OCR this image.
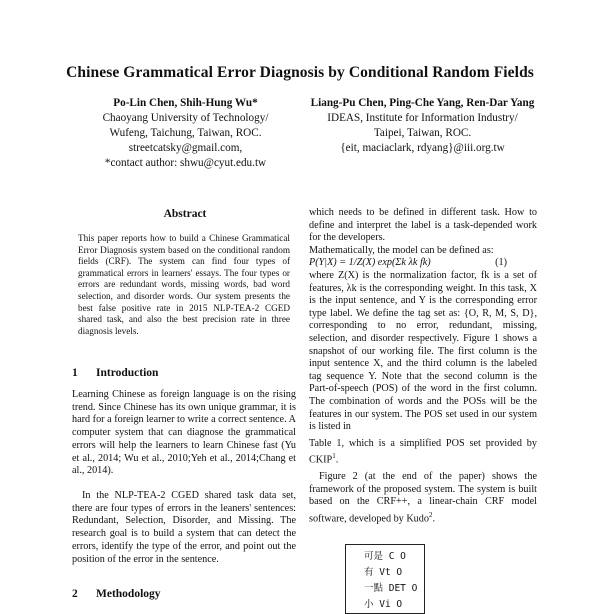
Chinese Grammatical Error Diagnosis by Conditional Random Fields
Po-Lin Chen, Shih-Hung Wu*
Chaoyang University of Technology/
Wufeng, Taichung, Taiwan, ROC.
streetcatsky@gmail.com,
*contact author: shwu@cyut.edu.tw
Liang-Pu Chen, Ping-Che Yang, Ren-Dar Yang
IDEAS, Institute for Information Industry/
Taipei, Taiwan, ROC.
{eit, maciaclark, rdyang}@iii.org.tw
Abstract
This paper reports how to build a Chinese Grammatical Error Diagnosis system based on the conditional random fields (CRF). The system can find four types of grammatical errors in learners' essays. The four types or errors are redundant words, missing words, bad word selection, and disorder words. Our system presents the best false positive rate in 2015 NLP-TEA-2 CGED shared task, and also the best precision rate in three diagnosis levels.
1 Introduction
Learning Chinese as foreign language is on the rising trend. Since Chinese has its own unique grammar, it is hard for a foreign learner to write a correct sentence. A computer system that can diagnose the grammatical errors will help the learners to learn Chinese fast (Yu et al., 2014; Wu et al., 2010;Yeh et al., 2014;Chang et al., 2014).
In the NLP-TEA-2 CGED shared task data set, there are four types of errors in the leaners' sentences: Redundant, Selection, Disorder, and Missing. The research goal is to build a system that can detect the errors, identify the type of the error, and point out the position of the error in the sentence.
2 Methodology

which needs to be defined in different task. How to define and interpret the label is a task-depended work for the developers.

Mathematically, the model can be defined as:

P(Y|X) = 1/Z(X) exp(Σk λk fk)	(1)

where Z(X) is the normalization factor, fk is a set of features, λk is the corresponding weight. In this task, X is the input sentence, and Y is the corresponding error type label. We define the tag set as: {O, R, M, S, D}, corresponding to no error, redundant, missing, selection, and disorder respectively. Figure 1 shows a snapshot of our working file. The first column is the input sentence X, and the third column is the labeled tag sequence Y. Note that the second column is the Part-of-speech (POS) of the word in the first column. The combination of words and the POSs will be the features in our system. The POS set used in our system is listed in

Table 1, which is a simplified POS set provided by CKIP$^1$.

Figure 2 (at the end of the paper) shows the framework of the proposed system. The system is built based on the CRF++, a linear-chain CRF model software, developed by Kudo$^2$.

可是 C O
有 Vt O
一點 DET O
小 Vi O
